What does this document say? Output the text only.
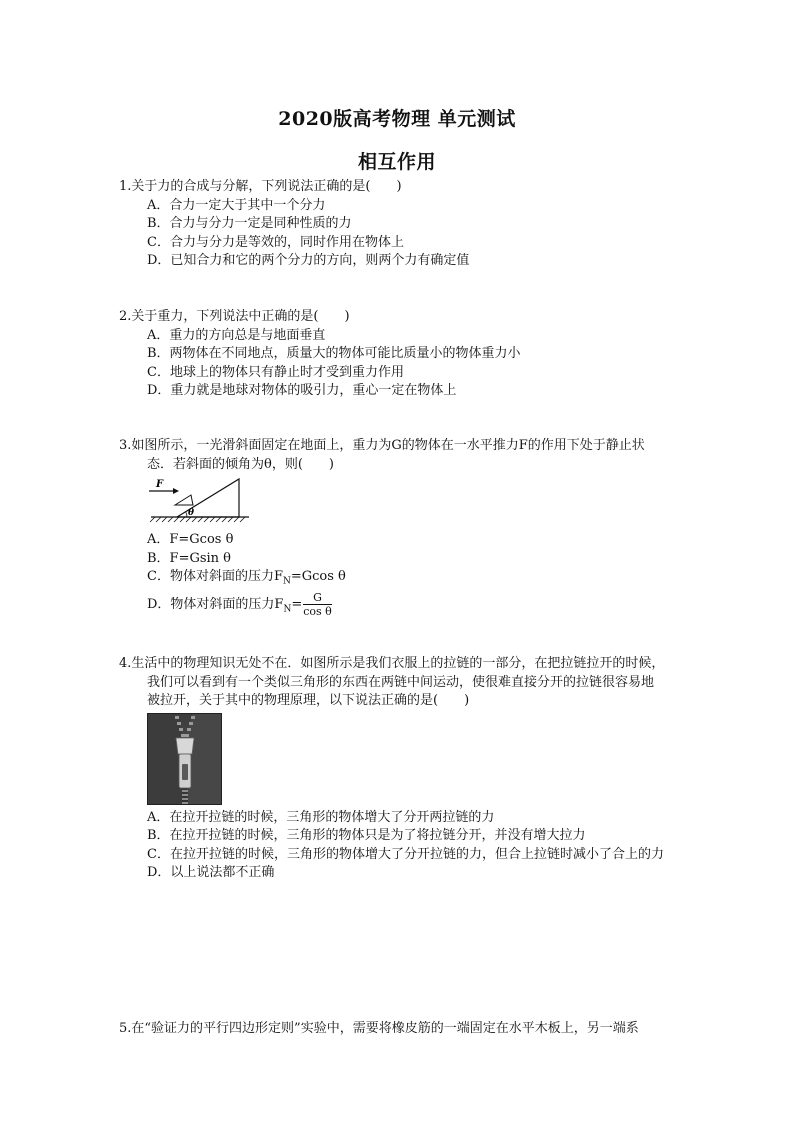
2020版高考物理 单元测试
相互作用

1.关于力的合成与分解，下列说法正确的是(　　)

A．合力一定大于其中一个分力

B．合力与分力一定是同种性质的力

C．合力与分力是等效的，同时作用在物体上

D．已知合力和它的两个分力的方向，则两个力有确定值

2.关于重力，下列说法中正确的是(　　)

A．重力的方向总是与地面垂直

B．两物体在不同地点，质量大的物体可能比质量小的物体重力小

C．地球上的物体只有静止时才受到重力作用

D．重力就是地球对物体的吸引力，重心一定在物体上

3.如图所示，一光滑斜面固定在地面上，重力为G的物体在一水平推力F的作用下处于静止状

态．若斜面的倾角为θ，则(　　)

F
θ

A．F=Gcos θ

B．F=Gsin θ

C．物体对斜面的压力$F_N=Gcos$ θ

D．物体对斜面的压力$F_N= \frac{G}{\text{cos θ}}$

4.生活中的物理知识无处不在．如图所示是我们衣服上的拉链的一部分，在把拉链拉开的时候，

我们可以看到有一个类似三角形的东西在两链中间运动，使很难直接分开的拉链很容易地

被拉开，关于其中的物理原理，以下说法正确的是(　　)

A．在拉开拉链的时候，三角形的物体增大了分开两拉链的力

B．在拉开拉链的时候，三角形的物体只是为了将拉链分开，并没有增大拉力

C．在拉开拉链的时候，三角形的物体增大了分开拉链的力，但合上拉链时减小了合上的力

D．以上说法都不正确

5.在“验证力的平行四边形定则”实验中，需要将橡皮筋的一端固定在水平木板上，另一端系
